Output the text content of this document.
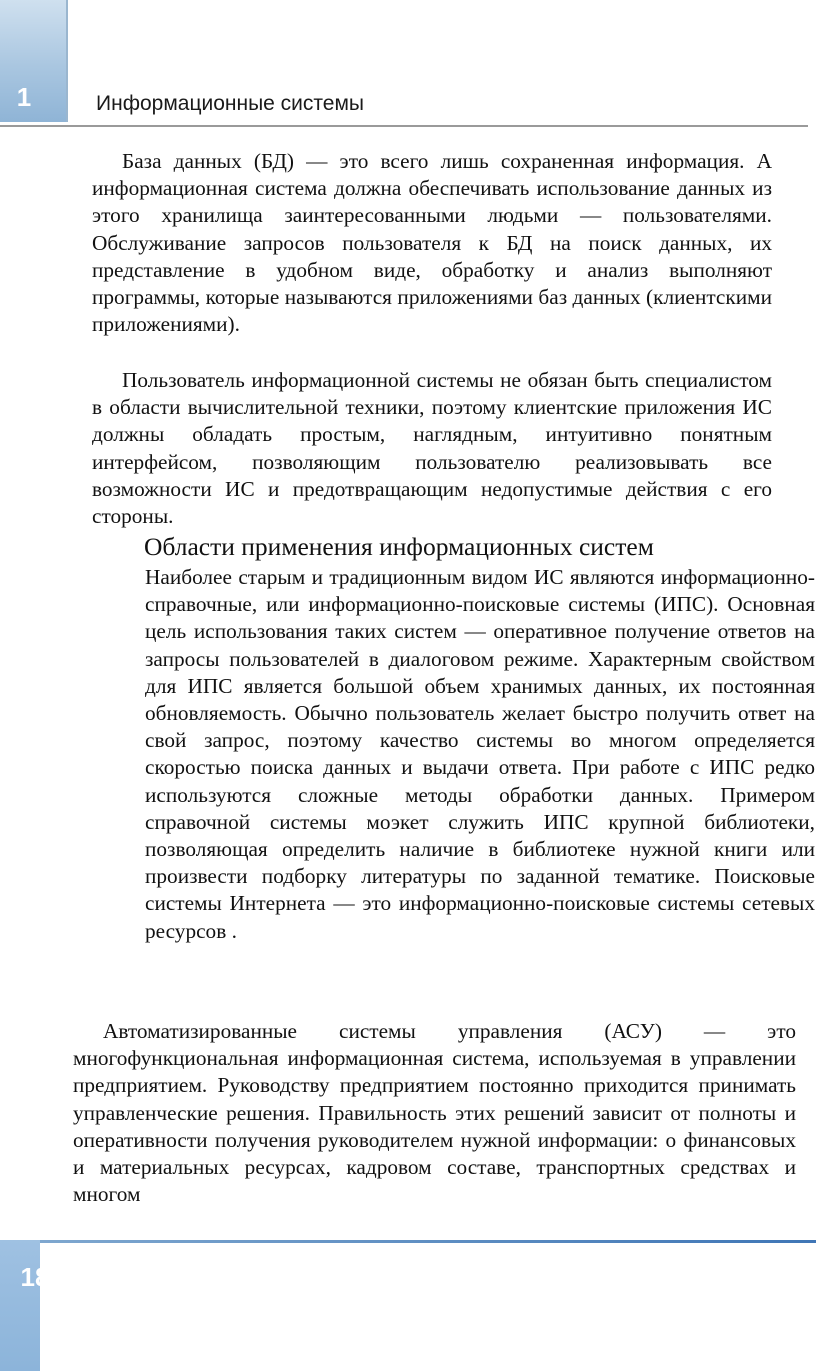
1	Информационные системы

База данных (БД) — это всего лишь сохраненная информация. А информационная система должна обеспечивать использование данных из этого хранилища заинтересованными людьми — пользователями. Обслуживание запросов пользователя к БД на поиск данных, их представление в удобном виде, обработку и анализ выполняют программы, которые называются приложениями баз данных (клиентскими приложениями).

Пользователь информационной системы не обязан быть специалистом в области вычислительной техники, поэтому клиентские приложения ИС должны обладать простым, наглядным, интуитивно понятным интерфейсом, позволяющим пользователю реализовывать все возможности ИС и предотвращающим недопустимые действия с его стороны.

Области применения информационных систем

Наиболее старым и традиционным видом ИС являются информационно-справочные, или информационно-поисковые системы (ИПС). Основная цель использования таких систем — оперативное получение ответов на запросы пользователей в диалоговом режиме. Характерным свойством для ИПС является большой объем хранимых данных, их постоянная обновляемость. Обычно пользователь желает быстро получить ответ на свой запрос, поэтому качество системы во многом определяется скоростью поиска данных и выдачи ответа. При работе с ИПС редко используются сложные методы обработки данных. Примером справочной системы моэкет служить ИПС крупной библиотеки, позволяющая определить наличие в библиотеке нужной книги или произвести подборку литературы по заданной тематике. Поисковые системы Интернета — это информационно-поисковые системы сетевых ресурсов .

Автоматизированные системы управления (АСУ) — это многофункциональная информационная система, используемая в управлении предприятием. Руководству предприятием постоянно приходится принимать управленческие решения. Правильность этих решений зависит от полноты и оперативности получения руководителем нужной информации: о финансовых и материальных ресурсах, кадровом составе, транспортных средствах и многом

18
